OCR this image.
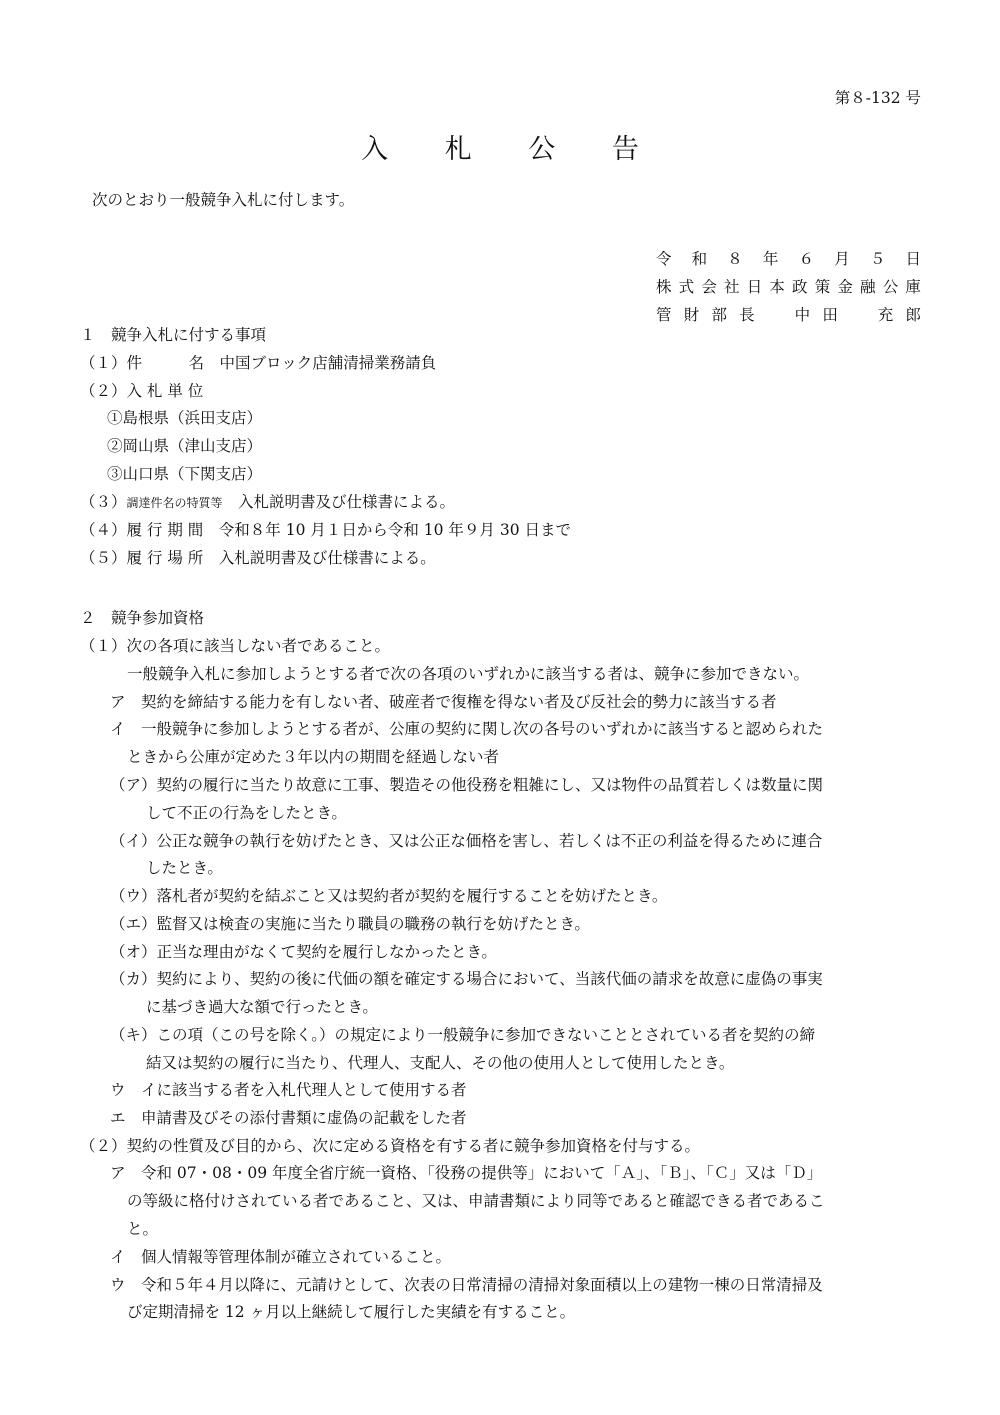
第８-132 号
入 札 公 告
次のとおり一般競争入札に付します。
令 和 ８ 年 ６ 月 ５ 日
株 式 会 社 日 本 政 策 金 融 公 庫
管 財 部 長
　	中 田
　	充 郎
１　競争入札に付する事項
（１）件　　　名　中国ブロック店舗清掃業務請負
（２）入 札 単 位
①島根県（浜田支店）
②岡山県（津山支店）
③山口県（下関支店）
（３）調達件名の特質等　入札説明書及び仕様書による。
（４）履 行 期 間　令和８年 10 月１日から令和 10 年９月 30 日まで
（５）履 行 場 所　入札説明書及び仕様書による。
２　競争参加資格
（１）次の各項に該当しない者であること。
一般競争入札に参加しようとする者で次の各項のいずれかに該当する者は、競争に参加できない。
ア　契約を締結する能力を有しない者、破産者で復権を得ない者及び反社会的勢力に該当する者
イ　一般競争に参加しようとする者が、公庫の契約に関し次の各号のいずれかに該当すると認められた
ときから公庫が定めた３年以内の期間を経過しない者
（ア）契約の履行に当たり故意に工事、製造その他役務を粗雑にし、又は物件の品質若しくは数量に関
して不正の行為をしたとき。
（イ）公正な競争の執行を妨げたとき、又は公正な価格を害し、若しくは不正の利益を得るために連合
したとき。
（ウ）落札者が契約を結ぶこと又は契約者が契約を履行することを妨げたとき。
（エ）監督又は検査の実施に当たり職員の職務の執行を妨げたとき。
（オ）正当な理由がなくて契約を履行しなかったとき。
（カ）契約により、契約の後に代価の額を確定する場合において、当該代価の請求を故意に虚偽の事実
に基づき過大な額で行ったとき。
（キ）この項（この号を除く。）の規定により一般競争に参加できないこととされている者を契約の締
結又は契約の履行に当たり、代理人、支配人、その他の使用人として使用したとき。
ウ　イに該当する者を入札代理人として使用する者
エ　申請書及びその添付書類に虚偽の記載をした者
（２）契約の性質及び目的から、次に定める資格を有する者に競争参加資格を付与する。
ア　令和 07・08・09 年度全省庁統一資格、「役務の提供等」において「Ａ」、「Ｂ」、「Ｃ」又は「Ｄ」
の等級に格付けされている者であること、又は、申請書類により同等であると確認できる者であるこ
と。
イ　個人情報等管理体制が確立されていること。
ウ　令和５年４月以降に、元請けとして、次表の日常清掃の清掃対象面積以上の建物一棟の日常清掃及
び定期清掃を 12 ヶ月以上継続して履行した実績を有すること。
